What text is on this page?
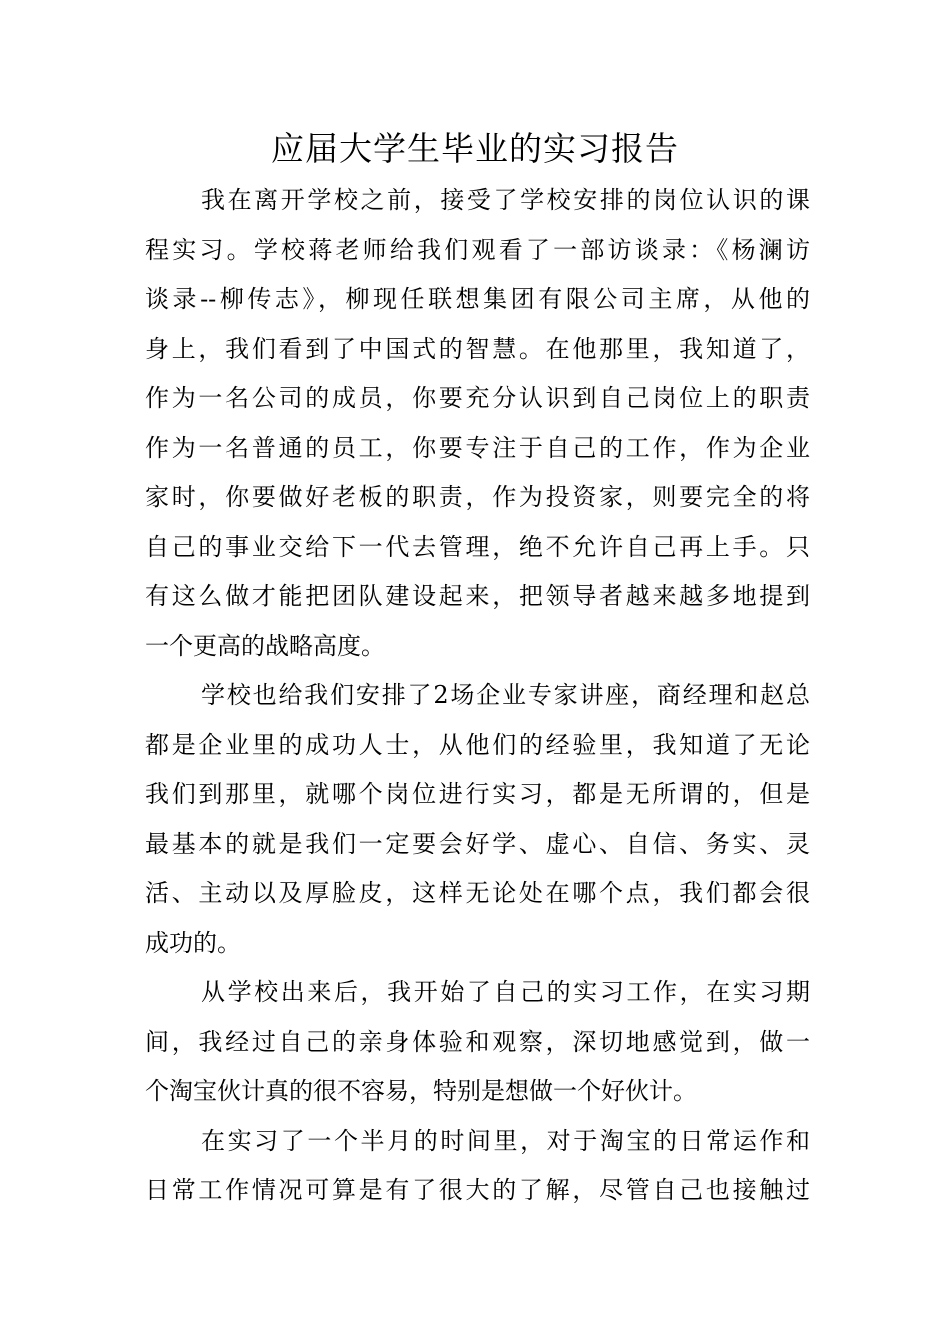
应届大学生毕业的实习报告

我在离开学校之前，接受了学校安排的岗位认识的课
程实习。学校蒋老师给我们观看了一部访谈录：《杨澜访
谈录--柳传志》，柳现任联想集团有限公司主席，从他的
身上，我们看到了中国式的智慧。在他那里，我知道了，
作为一名公司的成员，你要充分认识到自己岗位上的职责
作为一名普通的员工，你要专注于自己的工作，作为企业
家时，你要做好老板的职责，作为投资家，则要完全的将
自己的事业交给下一代去管理，绝不允许自己再上手。只
有这么做才能把团队建设起来，把领导者越来越多地提到
一个更高的战略高度。

学校也给我们安排了2场企业专家讲座，商经理和赵总
都是企业里的成功人士，从他们的经验里，我知道了无论
我们到那里，就哪个岗位进行实习，都是无所谓的，但是
最基本的就是我们一定要会好学、虚心、自信、务实、灵
活、主动以及厚脸皮，这样无论处在哪个点，我们都会很
成功的。

从学校出来后，我开始了自己的实习工作，在实习期
间，我经过自己的亲身体验和观察，深切地感觉到，做一
个淘宝伙计真的很不容易，特别是想做一个好伙计。

在实习了一个半月的时间里，对于淘宝的日常运作和
日常工作情况可算是有了很大的了解，尽管自己也接触过
